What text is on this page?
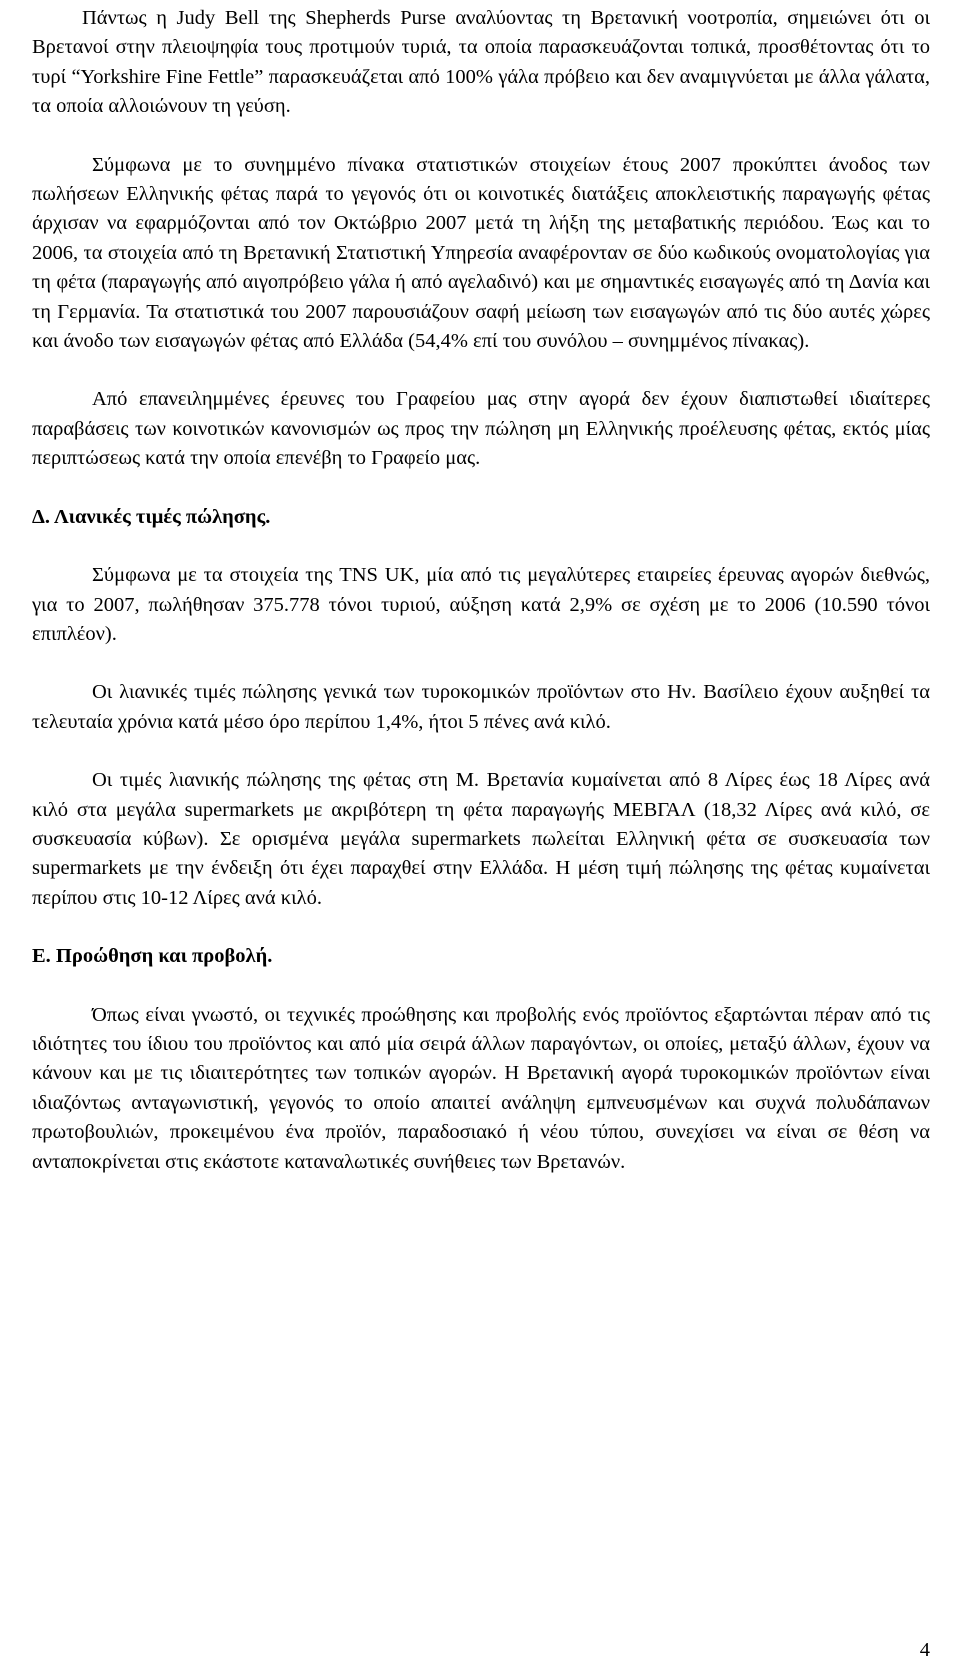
Πάντως η Judy Bell της Shepherds Purse αναλύοντας τη Βρετανική νοοτροπία, σημειώνει ότι οι Βρετανοί στην πλειοψηφία τους προτιμούν τυριά, τα οποία παρασκευάζονται τοπικά, προσθέτοντας ότι το τυρί “Yorkshire Fine Fettle” παρασκευάζεται από 100% γάλα πρόβειο και δεν αναμιγνύεται με άλλα γάλατα, τα οποία αλλοιώνουν τη γεύση.

Σύμφωνα με το συνημμένο πίνακα στατιστικών στοιχείων έτους 2007 προκύπτει άνοδος των πωλήσεων Ελληνικής φέτας παρά το γεγονός ότι οι κοινοτικές διατάξεις αποκλειστικής παραγωγής φέτας άρχισαν να εφαρμόζονται από τον Οκτώβριο 2007 μετά τη λήξη της μεταβατικής περιόδου. Έως και το 2006, τα στοιχεία από τη Βρετανική Στατιστική Υπηρεσία αναφέρονταν σε δύο κωδικούς ονοματολογίας για τη φέτα (παραγωγής από αιγοπρόβειο γάλα ή από αγελαδινό) και με σημαντικές εισαγωγές από τη Δανία και τη Γερμανία. Τα στατιστικά του 2007 παρουσιάζουν σαφή μείωση των εισαγωγών από τις δύο αυτές χώρες και άνοδο των εισαγωγών φέτας από Ελλάδα (54,4% επί του συνόλου – συνημμένος πίνακας).

Από επανειλημμένες έρευνες του Γραφείου μας στην αγορά δεν έχουν διαπιστωθεί ιδιαίτερες παραβάσεις των κοινοτικών κανονισμών ως προς την πώληση μη Ελληνικής προέλευσης φέτας, εκτός μίας περιπτώσεως κατά την οποία επενέβη το Γραφείο μας.

Δ. Λιανικές τιμές πώλησης.

Σύμφωνα με τα στοιχεία της TNS UK, μία από τις μεγαλύτερες εταιρείες έρευνας αγορών διεθνώς, για το 2007, πωλήθησαν 375.778 τόνοι τυριού, αύξηση κατά 2,9% σε σχέση με το 2006 (10.590 τόνοι επιπλέον).

Οι λιανικές τιμές πώλησης γενικά των τυροκομικών προϊόντων στο Ην. Βασίλειο έχουν αυξηθεί τα τελευταία χρόνια κατά μέσο όρο περίπου 1,4%, ήτοι 5 πένες ανά κιλό.

Οι τιμές λιανικής πώλησης της φέτας στη Μ. Βρετανία κυμαίνεται από 8 Λίρες έως 18 Λίρες ανά κιλό στα μεγάλα supermarkets με ακριβότερη τη φέτα παραγωγής ΜΕΒΓΑΛ (18,32 Λίρες ανά κιλό, σε συσκευασία κύβων). Σε ορισμένα μεγάλα supermarkets πωλείται Ελληνική φέτα σε συσκευασία των supermarkets με την ένδειξη ότι έχει παραχθεί στην Ελλάδα. Η μέση τιμή πώλησης της φέτας κυμαίνεται περίπου στις 10-12 Λίρες ανά κιλό.

Ε. Προώθηση και προβολή.

Όπως είναι γνωστό, οι τεχνικές προώθησης και προβολής ενός προϊόντος εξαρτώνται πέραν από τις ιδιότητες του ίδιου του προϊόντος και από μία σειρά άλλων παραγόντων, οι οποίες, μεταξύ άλλων, έχουν να κάνουν και με τις ιδιαιτερότητες των τοπικών αγορών. Η Βρετανική αγορά τυροκομικών προϊόντων είναι ιδιαζόντως ανταγωνιστική, γεγονός το οποίο απαιτεί ανάληψη εμπνευσμένων και συχνά πολυδάπανων πρωτοβουλιών, προκειμένου ένα προϊόν, παραδοσιακό ή νέου τύπου, συνεχίσει να είναι σε θέση να ανταποκρίνεται στις εκάστοτε καταναλωτικές συνήθειες των Βρετανών.

4
